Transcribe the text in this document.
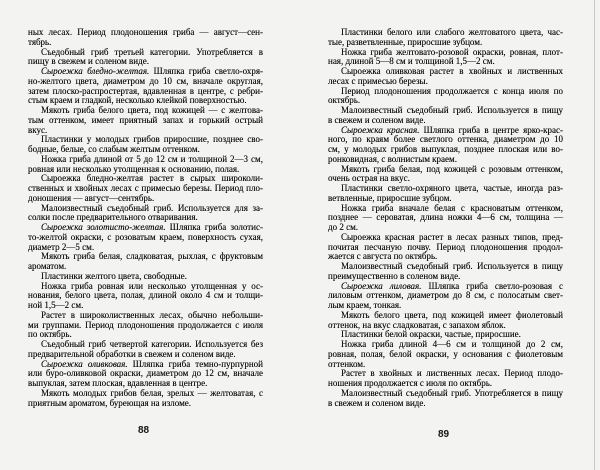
ных лесах. Период плодоношения гриба — август—сен-
тябрь.
Съедобный гриб третьей категории. Употребляется в
пищу в свежем и соленом виде.
Сыроежка бледно-желтая. Шляпка гриба светло-охря-
но-желтого цвета, диаметром до 10 см, вначале округлая,
затем плоско-распростертая, вдавленная в центре, с ребри-
стым краем и гладкой, несколько клейкой поверхностью.
Мякоть гриба белого цвета, под кожицей — с желтова-
тым оттенком, имеет приятный запах и горький острый
вкус.
Пластинки у молодых грибов приросшие, позднее сво-
бодные, белые, со слабым желтым оттенком.
Ножка гриба длиной от 5 до 12 см и толщиной 2—3 см,
ровная или несколько утолщенная к основанию, полая.
Сыроежка бледно-желтая растет в сырых широколи-
ственных и хвойных лесах с примесью березы. Период пло-
доношения — август—сентябрь.
Малоизвестный съедобный гриб. Используется для за-
солки после предварительного отваривания.
Сыроежка золотисто-желтая. Шляпка гриба золотис-
то-желтой окраски, с розоватым краем, поверхность сухая,
диаметр 2—5 см.
Мякоть гриба белая, сладковатая, рыхлая, с фруктовым
ароматом.
Пластинки желтого цвета, свободные.
Ножка гриба ровная или несколько утолщенная у ос-
нования, белого цвета, полая, длиной около 4 см и толщи-
ной 1,5—2 см.
Растет в широколиственных лесах, обычно небольши-
ми группами. Период плодоношения продолжается с июля
по октябрь.
Съедобный гриб четвертой категории. Используется без
предварительной обработки в свежем и соленом виде.
Сыроежка оливковая. Шляпка гриба темно-пурпурной
или буро-оливковой окраски, диаметром до 12 см, вначале
выпуклая, затем плоская, вдавленная в центре.
Мякоть молодых грибов белая, зрелых — желтоватая, с
приятным ароматом, буреющая на изломе.
Пластинки белого или слабого желтоватого цвета, час-
тые, разветвленные, приросшие зубцом.
Ножка гриба желтовато-розовой окраски, ровная, плот-
ная, длиной 5—8 см и толщиной 1,5—2 см.
Сыроежка оливковая растет в хвойных и лиственных
лесах с примесью березы.
Период плодоношения продолжается с конца июля по
октябрь.
Малоизвестный съедобный гриб. Используется в пищу
в свежем и соленом виде.
Сыроежка красная. Шляпка гриба в центре ярко-крас-
ного, по краям более светлого оттенка, диаметром до 10
см, у молодых грибов выпуклая, позднее плоская или во-
ронковидная, с волнистым краем.
Мякоть гриба белая, под кожицей с розовым оттенком,
очень острая на вкус.
Пластинки светло-охряного цвета, частые, иногда раз-
ветвленные, приросшие зубцом.
Ножка гриба вначале белая с красноватым оттенком,
позднее — сероватая, длина ножки 4—6 см, толщина —
до 2 см.
Сыроежка красная растет в лесах разных типов, пред-
почитая песчаную почву. Период плодоношения продол-
жается с августа по октябрь.
Малоизвестный съедобный гриб. Используется в пищу
преимущественно в соленом виде.
Сыроежка лиловая. Шляпка гриба светло-розовая с
лиловым оттенком, диаметром до 8 см, с полосатым свет-
лым краем, тонкая.
Мякоть белого цвета, под кожицей имеет фиолетовый
оттенок, на вкус сладковатая, с запахом яблок.
Пластинки белой окраски, частые, приросшие.
Ножка гриба длиной 4—6 см и толщиной до 2 см,
ровная, полая, белой окраски, у основания с фиолетовым
оттенком.
Растет в хвойных и лиственных лесах. Период плодо-
ношения продолжается с июля по октябрь.
Малоизвестный съедобный гриб. Употребляется в пищу
в свежем и соленом виде.
88	89
